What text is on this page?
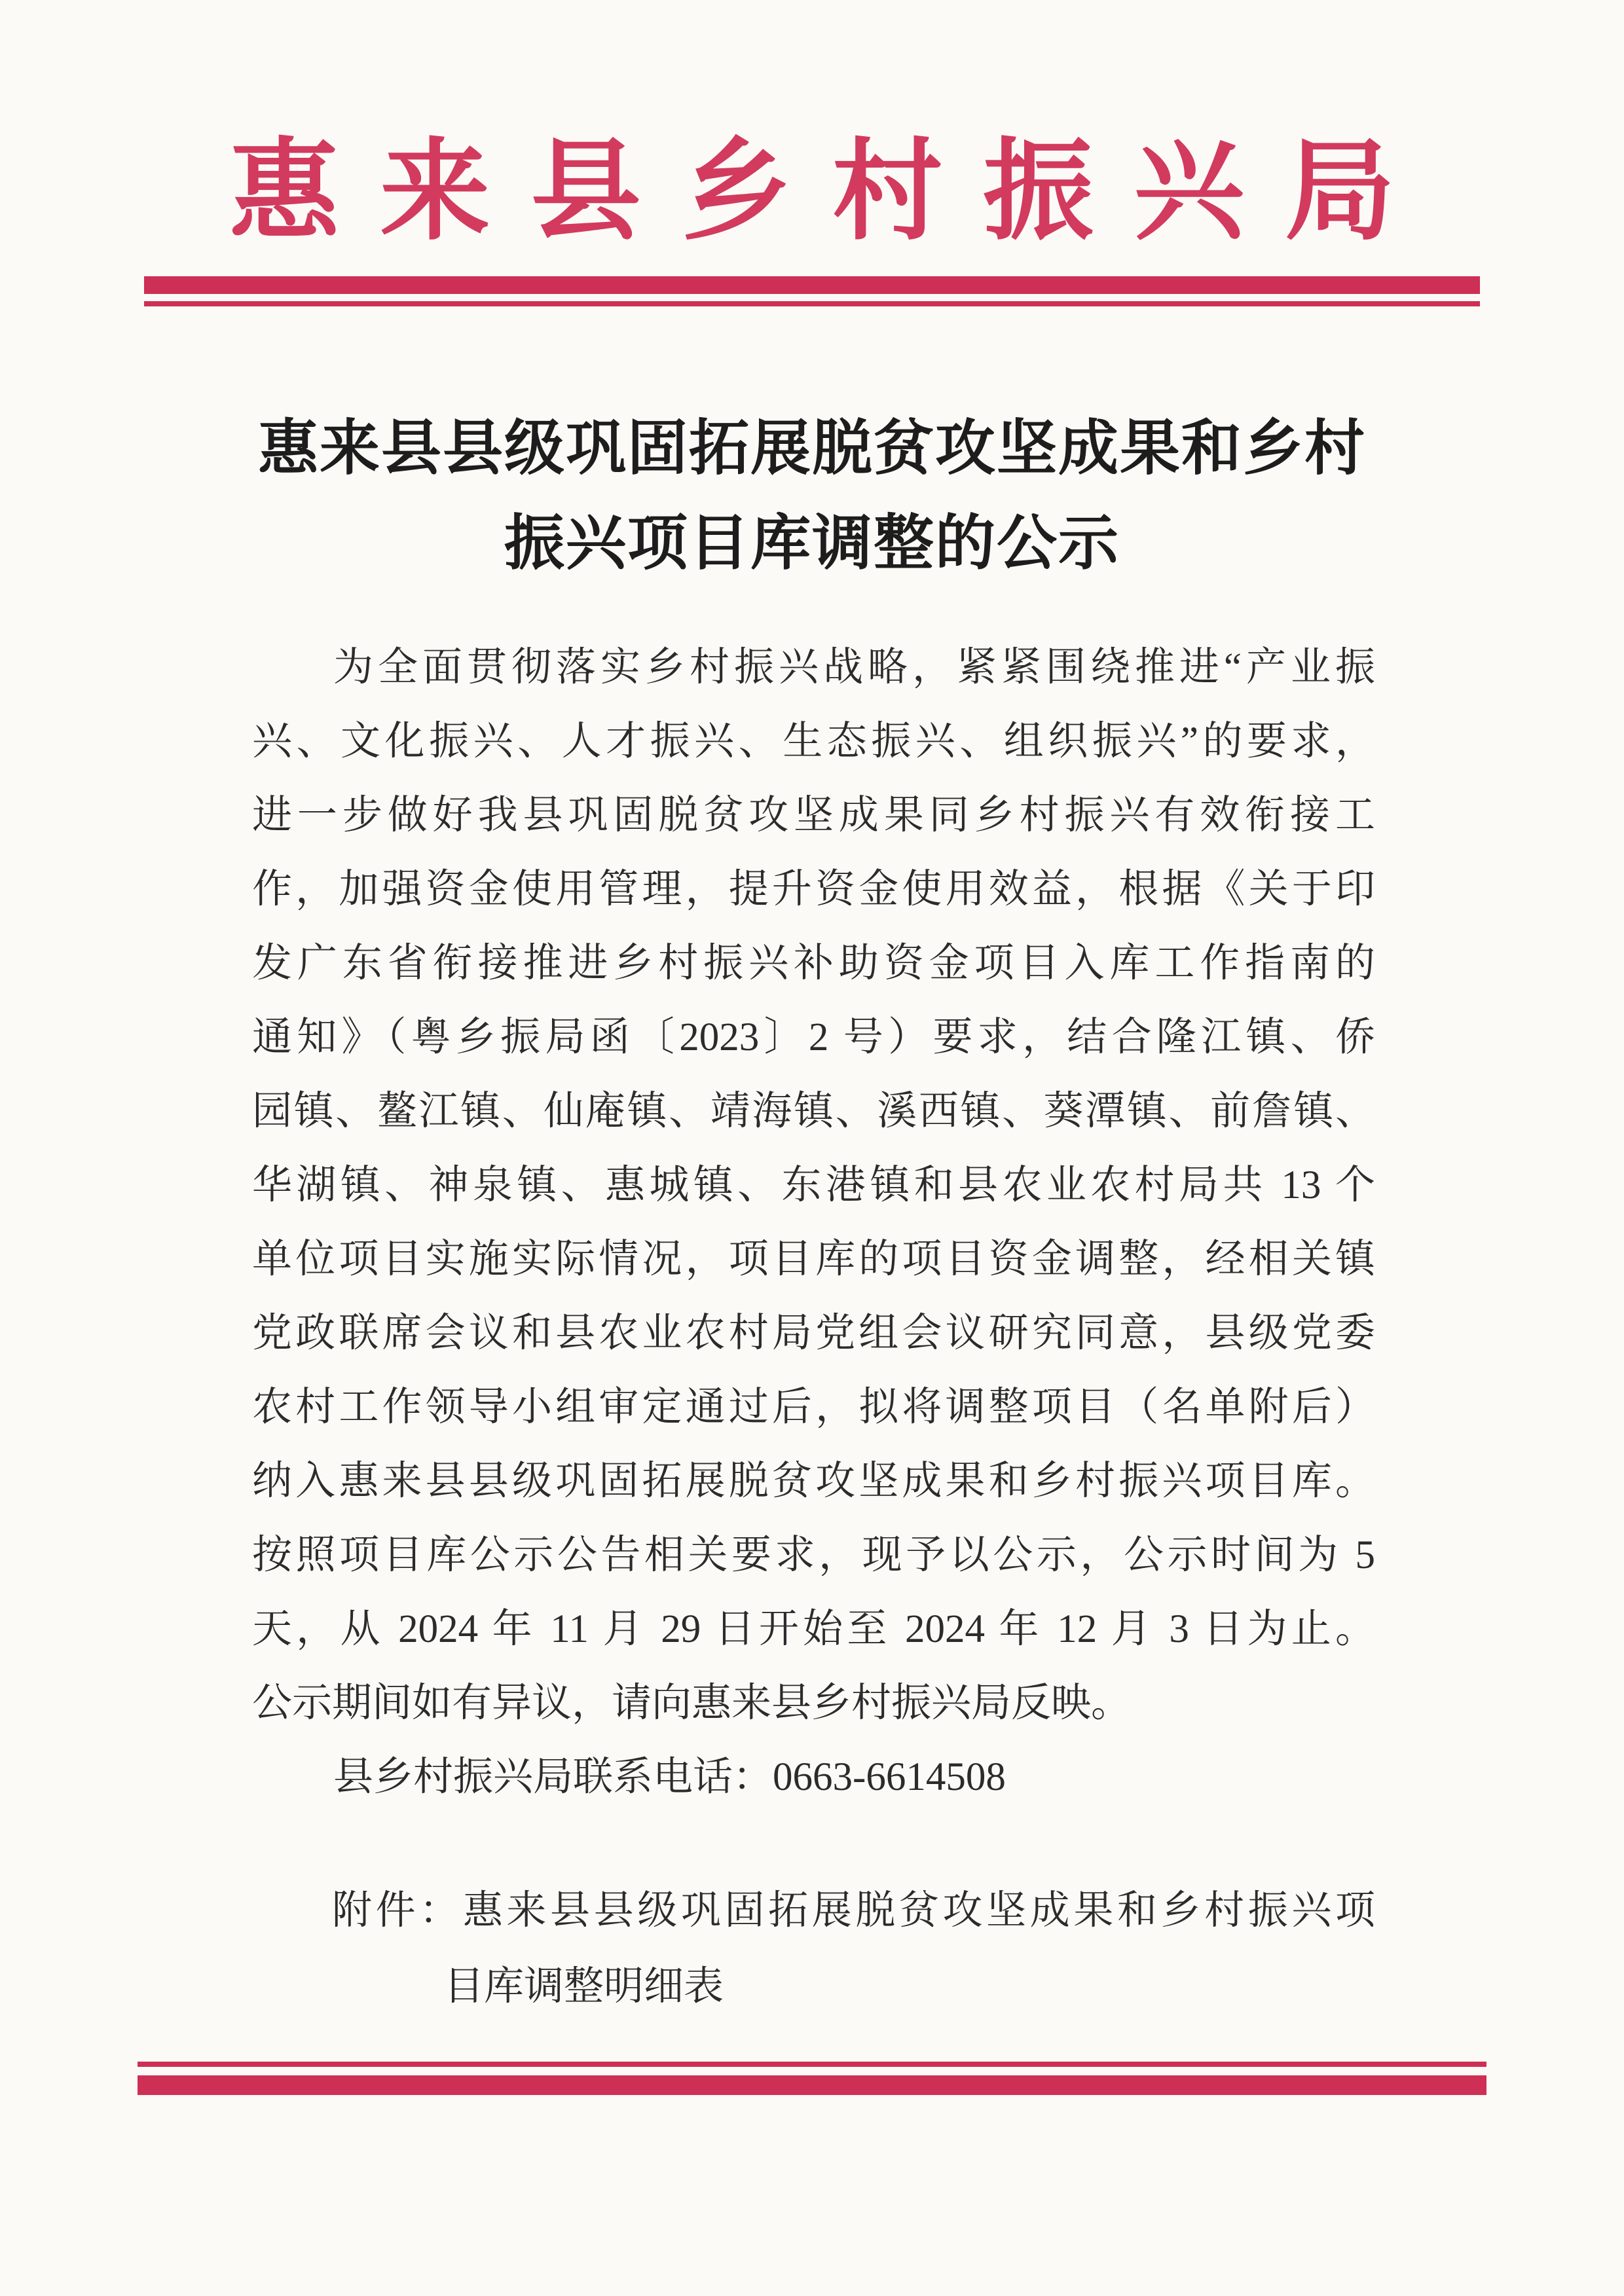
惠 来 县 乡 村 振 兴 局
惠来县县级巩固拓展脱贫攻坚成果和乡村
振兴项目库调整的公示
为全面贯彻落实乡村振兴战略，紧紧围绕推进“产业振
兴、文化振兴、人才振兴、生态振兴、组织振兴”的要求，
进一步做好我县巩固脱贫攻坚成果同乡村振兴有效衔接工
作，加强资金使用管理，提升资金使用效益，根据《关于印
发广东省衔接推进乡村振兴补助资金项目入库工作指南的
通知》（粤乡振局函〔2023〕2 号）要求，结合隆江镇、侨
园镇、鳌江镇、仙庵镇、靖海镇、溪西镇、葵潭镇、前詹镇、
华湖镇、神泉镇、惠城镇、东港镇和县农业农村局共 13 个
单位项目实施实际情况，项目库的项目资金调整，经相关镇
党政联席会议和县农业农村局党组会议研究同意，县级党委
农村工作领导小组审定通过后，拟将调整项目（名单附后）
纳入惠来县县级巩固拓展脱贫攻坚成果和乡村振兴项目库。
按照项目库公示公告相关要求，现予以公示，公示时间为 5
天，从 2024 年 11 月 29 日开始至 2024 年 12 月 3 日为止。
公示期间如有异议，请向惠来县乡村振兴局反映。
县乡村振兴局联系电话：0663-6614508
附件：惠来县县级巩固拓展脱贫攻坚成果和乡村振兴项
目库调整明细表
